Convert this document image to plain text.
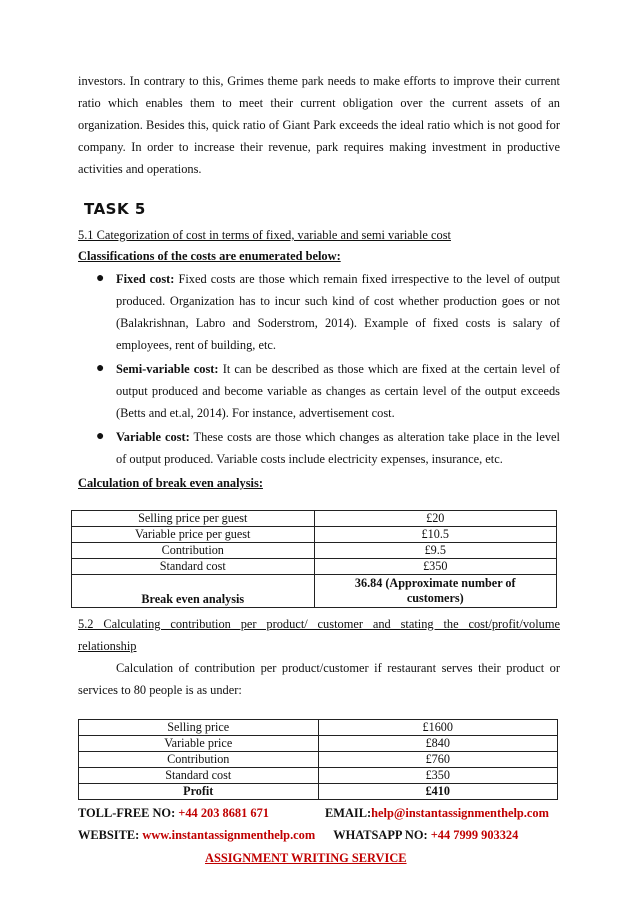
investors. In contrary to this, Grimes theme park needs to make efforts to improve their current ratio which enables them to meet their current obligation over the current assets of an organization. Besides this, quick ratio of Giant Park exceeds the ideal ratio which is not good for company. In order to increase their revenue, park requires making investment in productive activities and operations.

TASK 5
5.1 Categorization of cost in terms of fixed, variable and semi variable cost
Classifications of the costs are enumerated below:
● Fixed cost: Fixed costs are those which remain fixed irrespective to the level of output produced. Organization has to incur such kind of cost whether production goes or not (Balakrishnan, Labro and Soderstrom, 2014). Example of fixed costs is salary of employees, rent of building, etc.
● Semi-variable cost: It can be described as those which are fixed at the certain level of output produced and become variable as changes as certain level of the output exceeds (Betts and et.al, 2014). For instance, advertisement cost.
● Variable cost: These costs are those which changes as alteration take place in the level of output produced. Variable costs include electricity expenses, insurance, etc.
Calculation of break even analysis:
Selling price per guest	£20
Variable price per guest	£10.5
Contribution	£9.5
Standard cost	£350
Break even analysis	36.84 (Approximate number of customers)

5.2 Calculating contribution per product/ customer and stating the cost/profit/volume relationship

Calculation of contribution per product/customer if restaurant serves their product or services to 80 people is as under:

Selling price	£1600
Variable price	£840
Contribution	£760
Standard cost	£350
Profit	£410
TOLL-FREE NO: +44 203 8681 671	EMAIL:help@instantassignmenthelp.com
WEBSITE: www.instantassignmenthelp.com WHATSAPP NO: +44 7999 903324
ASSIGNMENT WRITING SERVICE
